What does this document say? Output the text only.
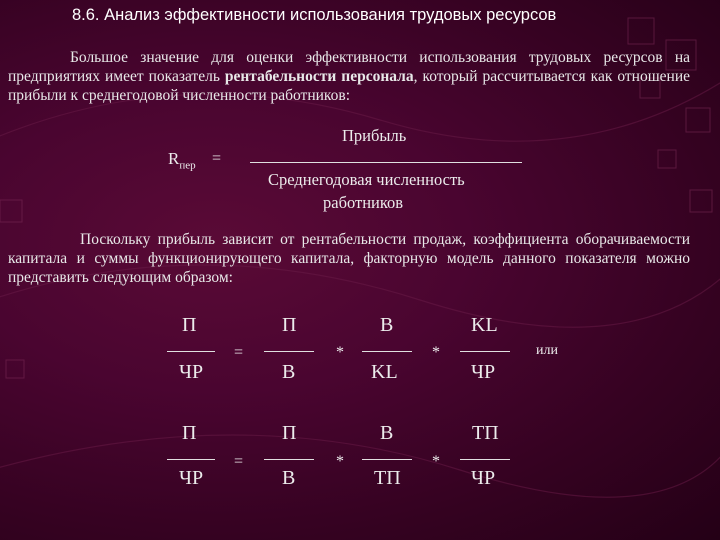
8.6. Анализ эффективности использования трудовых ресурсов

Большое значение для оценки эффективности использования трудовых ресурсов на предприятиях имеет показатель рентабельности персонала, который рассчитывается как отношение прибыли к среднегодовой численности работников:

$R_{пер}$ =
Прибыль
Среднегодовая численность
работников

Поскольку прибыль зависит от рентабельности продаж, коэффициента оборачиваемости капитала и суммы функционирующего капитала, факторную модель данного показателя можно представить следующим образом:

П
ЧР
=
П
В
*
В
KL
*
KL
ЧР
или
П
ЧР
=
П
В
*
В
ТП
*
ТП
ЧР
